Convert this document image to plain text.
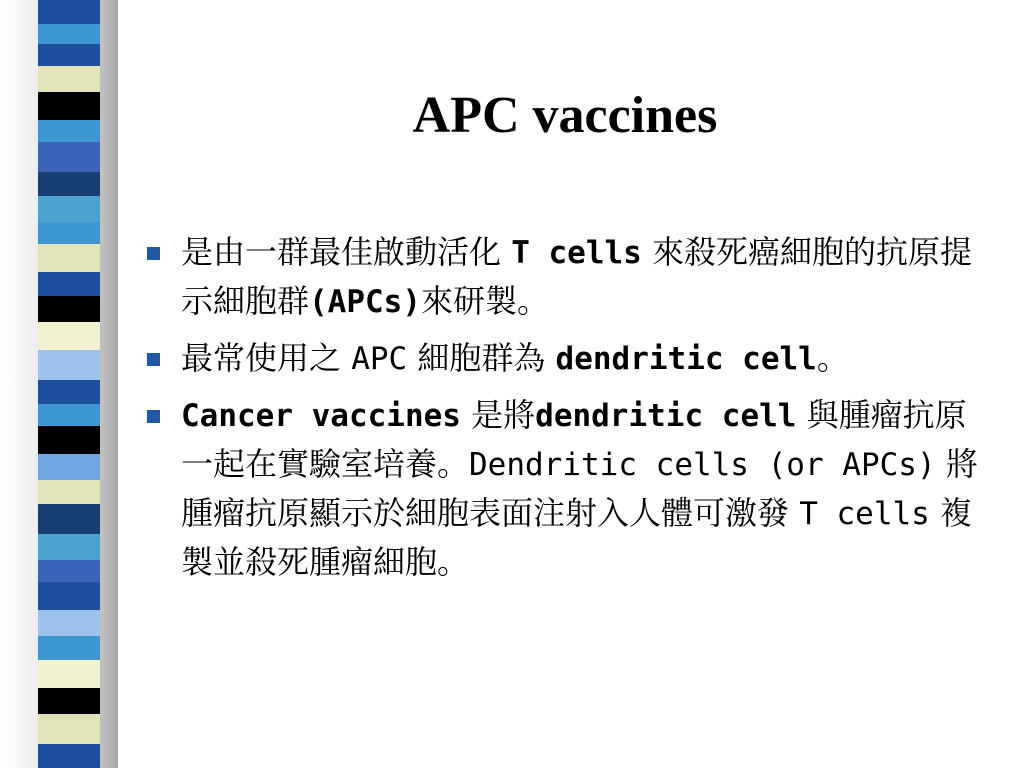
APC vaccines
是由一群最佳啟動活化 T cells 來殺死癌細胞的抗原提示細胞群(APCs)來研製。
最常使用之 APC 細胞群為 dendritic cell。
Cancer vaccines 是將dendritic cell 與腫瘤抗原一起在實驗室培養。Dendritic cells (or APCs) 將腫瘤抗原顯示於細胞表面注射入人體可激發 T cells 複製並殺死腫瘤細胞。
